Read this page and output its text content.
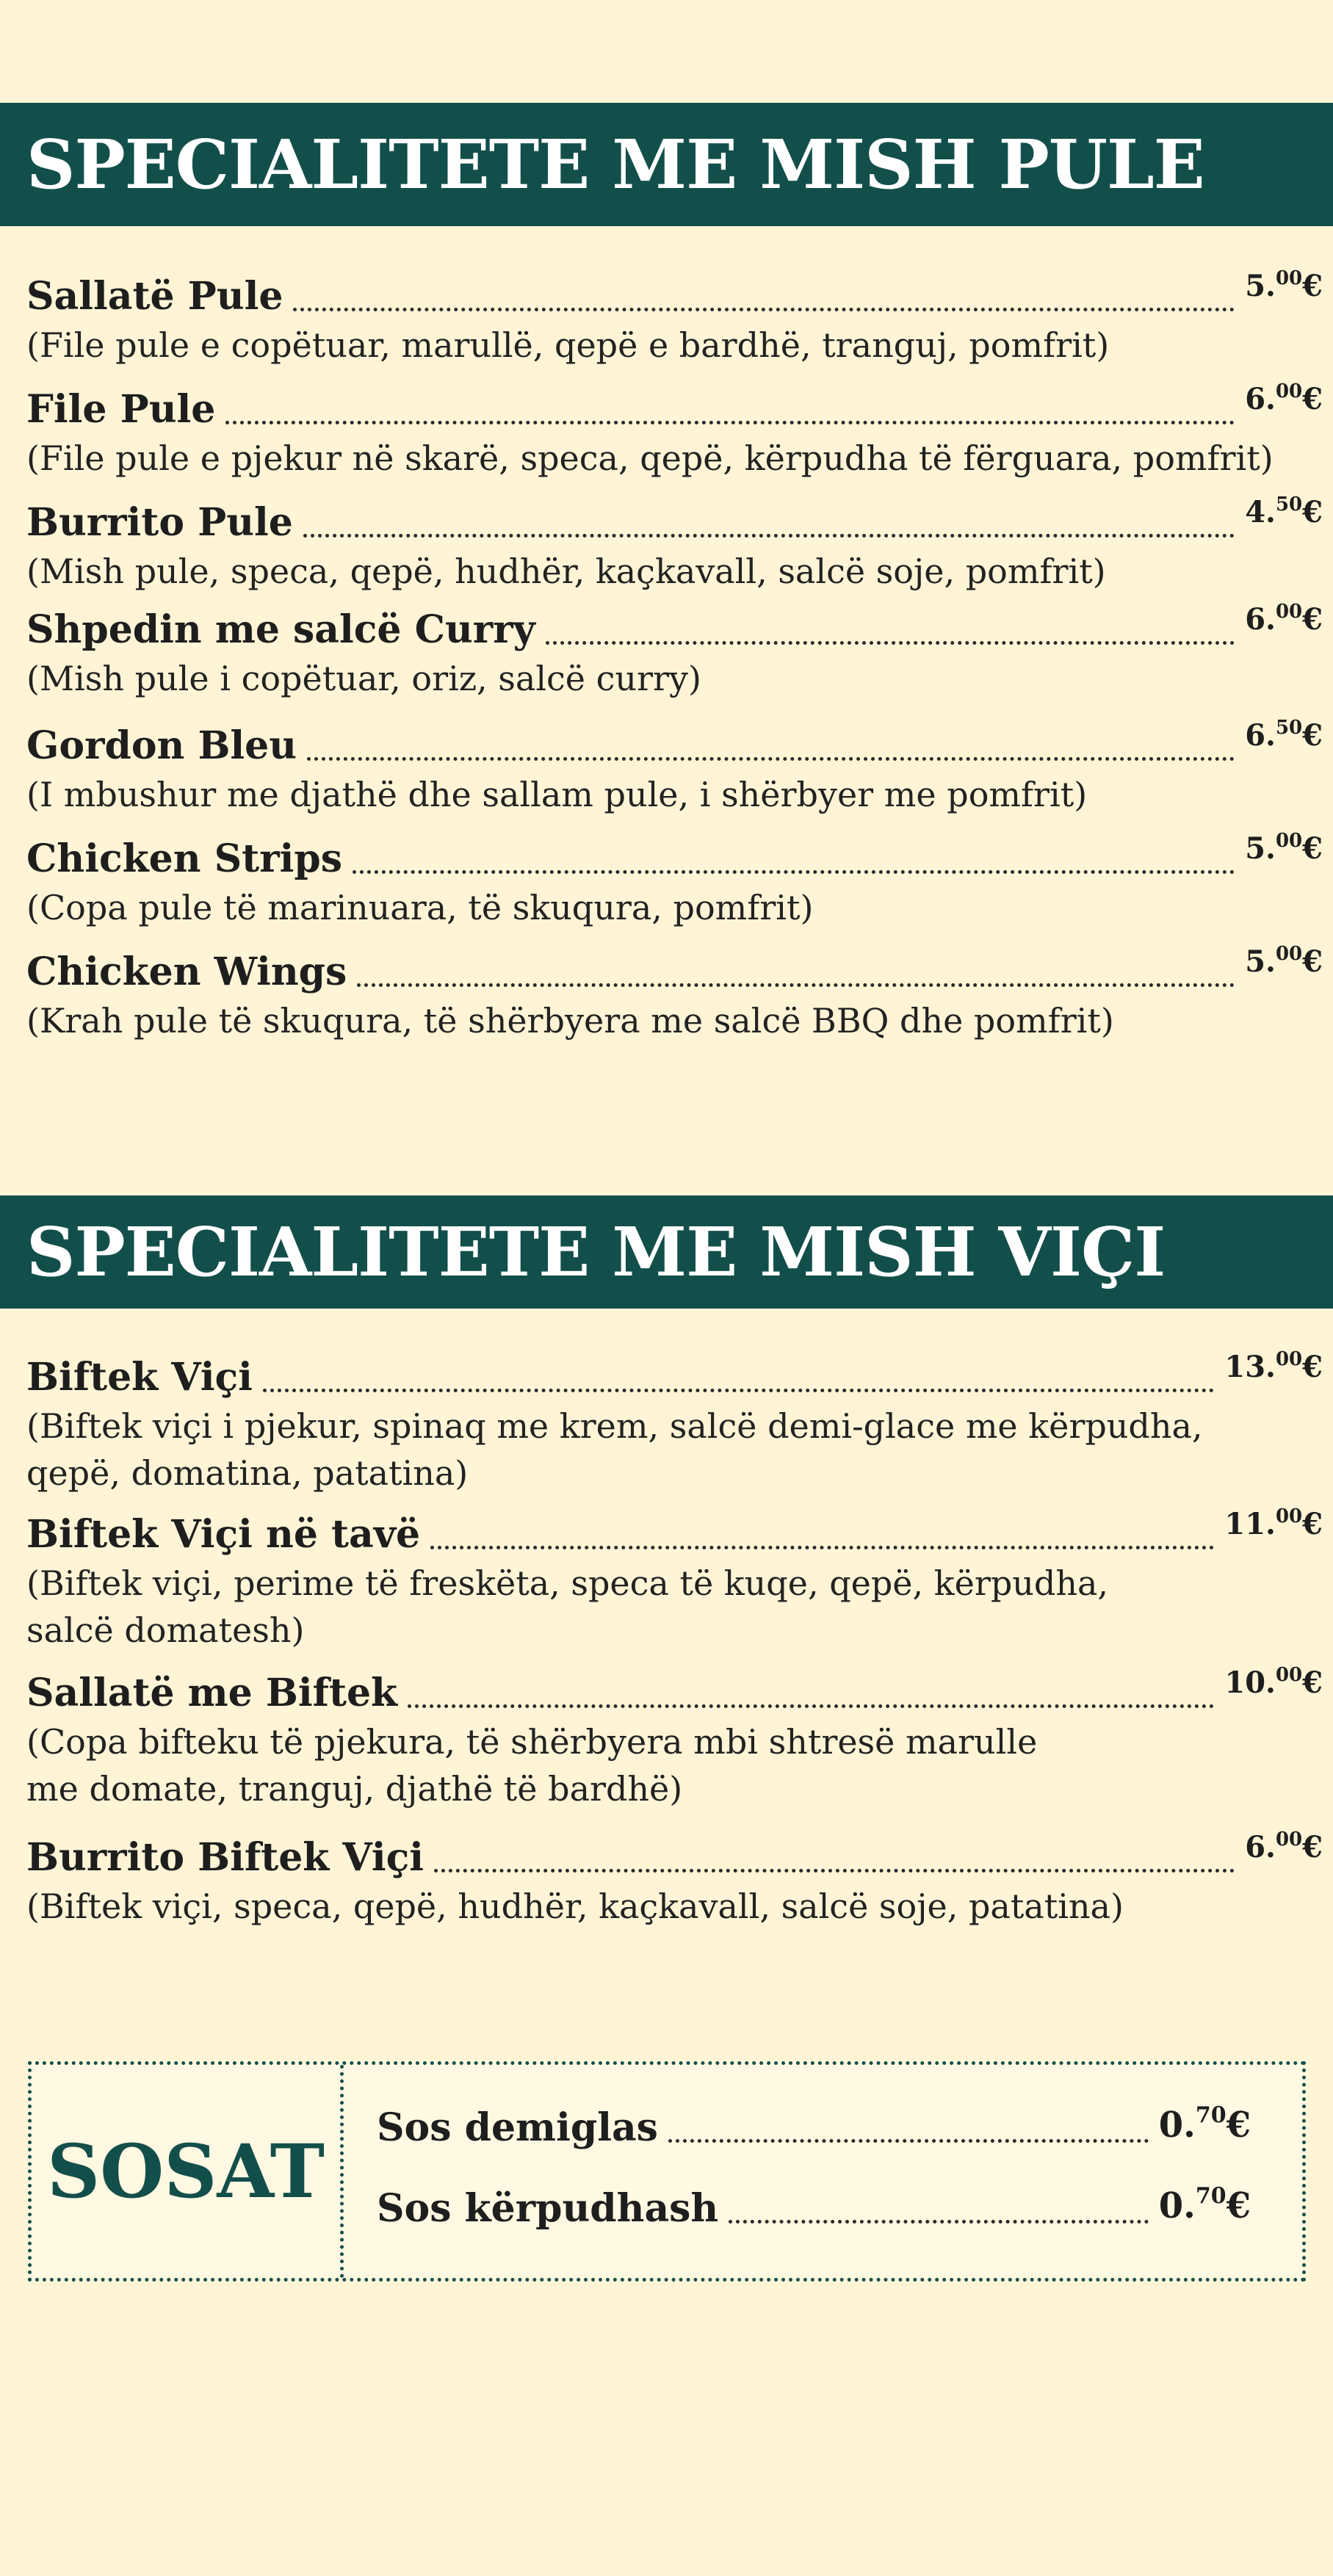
SPECIALITETE ME MISH PULE
Sallatë Pule	5.00€
(File pule e copëtuar, marullë, qepë e bardhë, tranguj, pomfrit)
File Pule	6.00€
(File pule e pjekur në skarë, speca, qepë, kërpudha të fërguara, pomfrit)
Burrito Pule	4.50€
(Mish pule, speca, qepë, hudhër, kaçkavall, salcë soje, pomfrit)
Shpedin me salcë Curry	6.00€
(Mish pule i copëtuar, oriz, salcë curry)
Gordon Bleu	6.50€
(I mbushur me djathë dhe sallam pule, i shërbyer me pomfrit)
Chicken Strips	5.00€
(Copa pule të marinuara, të skuqura, pomfrit)
Chicken Wings	5.00€
(Krah pule të skuqura, të shërbyera me salcë BBQ dhe pomfrit)
SPECIALITETE ME MISH VIÇI
Biftek Viçi	13.00€
(Biftek viçi i pjekur, spinaq me krem, salcë demi-glace me kërpudha,
qepë, domatina, patatina)
Biftek Viçi në tavë	11.00€
(Biftek viçi, perime të freskëta, speca të kuqe, qepë, kërpudha,
salcë domatesh)
Sallatë me Biftek	10.00€
(Copa bifteku të pjekura, të shërbyera mbi shtresë marulle
me domate, tranguj, djathë të bardhë)
Burrito Biftek Viçi	6.00€
(Biftek viçi, speca, qepë, hudhër, kaçkavall, salcë soje, patatina)
SOSAT
Sos demiglas	0.70€
Sos kërpudhash	0.70€
